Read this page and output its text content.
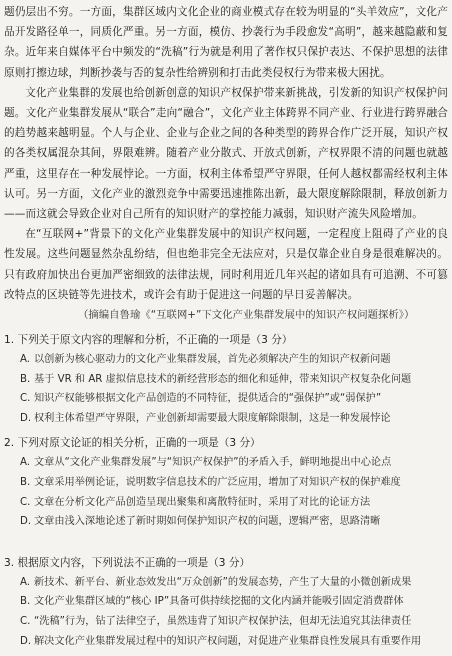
题仍层出不穷。一方面，集群区域内文化企业的商业模式存在较为明显的“头羊效应”，文化产品开发路径单一，同质化严重。另一方面，模仿、抄袭行为手段愈发“高明”，越来越隐蔽和复杂。近年来自媒体平台中频发的“洗稿”行为就是利用了著作权只保护表达、不保护思想的法律原则打擦边球，判断抄袭与否的复杂性给辨别和打击此类侵权行为带来极大困扰。

文化产业集群的发展也给创新创意的知识产权保护带来新挑战，引发新的知识产权保护问题。文化产业集群发展从“联合”走向“融合”，文化产业主体跨界不同产业、行业进行跨界融合的趋势越来越明显。个人与企业、企业与企业之间的各种类型的跨界合作广泛开展，知识产权的各类权属混杂其间，界限难辨。随着产业分散式、开放式创新，产权界限不清的问题也就越严重，这里存在一种发展悖论。一方面，权利主体希望严守界限，任何人越权都需经权利主体认可。另一方面，文化产业的激烈竞争中需要迅速推陈出新，最大限度解除限制，释放创新力——而这就会导致企业对自己所有的知识财产的掌控能力减弱，知识财产流失风险增加。

在“互联网+”背景下的文化产业集群发展中的知识产权问题，一定程度上阻碍了产业的良性发展。这些问题显然杂乱纷结，但也绝非完全无法应对，只是仅靠企业自身是很难解决的。只有政府加快出台更加严密细致的法律法规，同时利用近几年兴起的诸如具有可追溯、不可篡改特点的区块链等先进技术，或许会有助于促进这一问题的早日妥善解决。

（摘编自鲁瑜《“互联网+”下文化产业集群发展中的知识产权问题探析》）

1. 下列关于原文内容的理解和分析，不正确的一项是（3 分）

A. 以创新为核心驱动力的文化产业集群发展，首先必须解决产生的知识产权新问题
B. 基于 VR 和 AR 虚拟信息技术的新经营形态的细化和延伸，带来知识产权复杂化问题
C. 知识产权能够根据文化产品创造的不同特征，提供适合的“强保护”或“弱保护”
D. 权利主体希望严守界限，产业创新却需要最大限度解除限制，这是一种发展悖论

2. 下列对原文论证的相关分析，正确的一项是（3 分）

A. 文章从“文化产业集群发展”与“知识产权保护”的矛盾入手，鲜明地提出中心论点
B. 文章采用举例论证，说明数字信息技术的广泛应用，增加了对知识产权的保护难度
C. 文章在分析文化产品创造呈现出聚集和离散特征时，采用了对比的论证方法
D. 文章由浅入深地论述了新时期如何保护知识产权的问题，逻辑严密，思路清晰

3. 根据原文内容，下列说法不正确的一项是（3 分）

A. 新技术、新平台、新业态效发出“万众创新”的发展态势，产生了大量的小微创新成果
B. 文化产业集群区域的“核心 IP”具备可供持续挖掘的文化内涵并能吸引固定消费群体
C. “洗稿”行为，钻了法律空子，虽然违背了知识产权保护法，但却无法追究其法律责任
D. 解决文化产业集群发展过程中的知识产权问题，对促进产业集群良性发展具有重要作用
